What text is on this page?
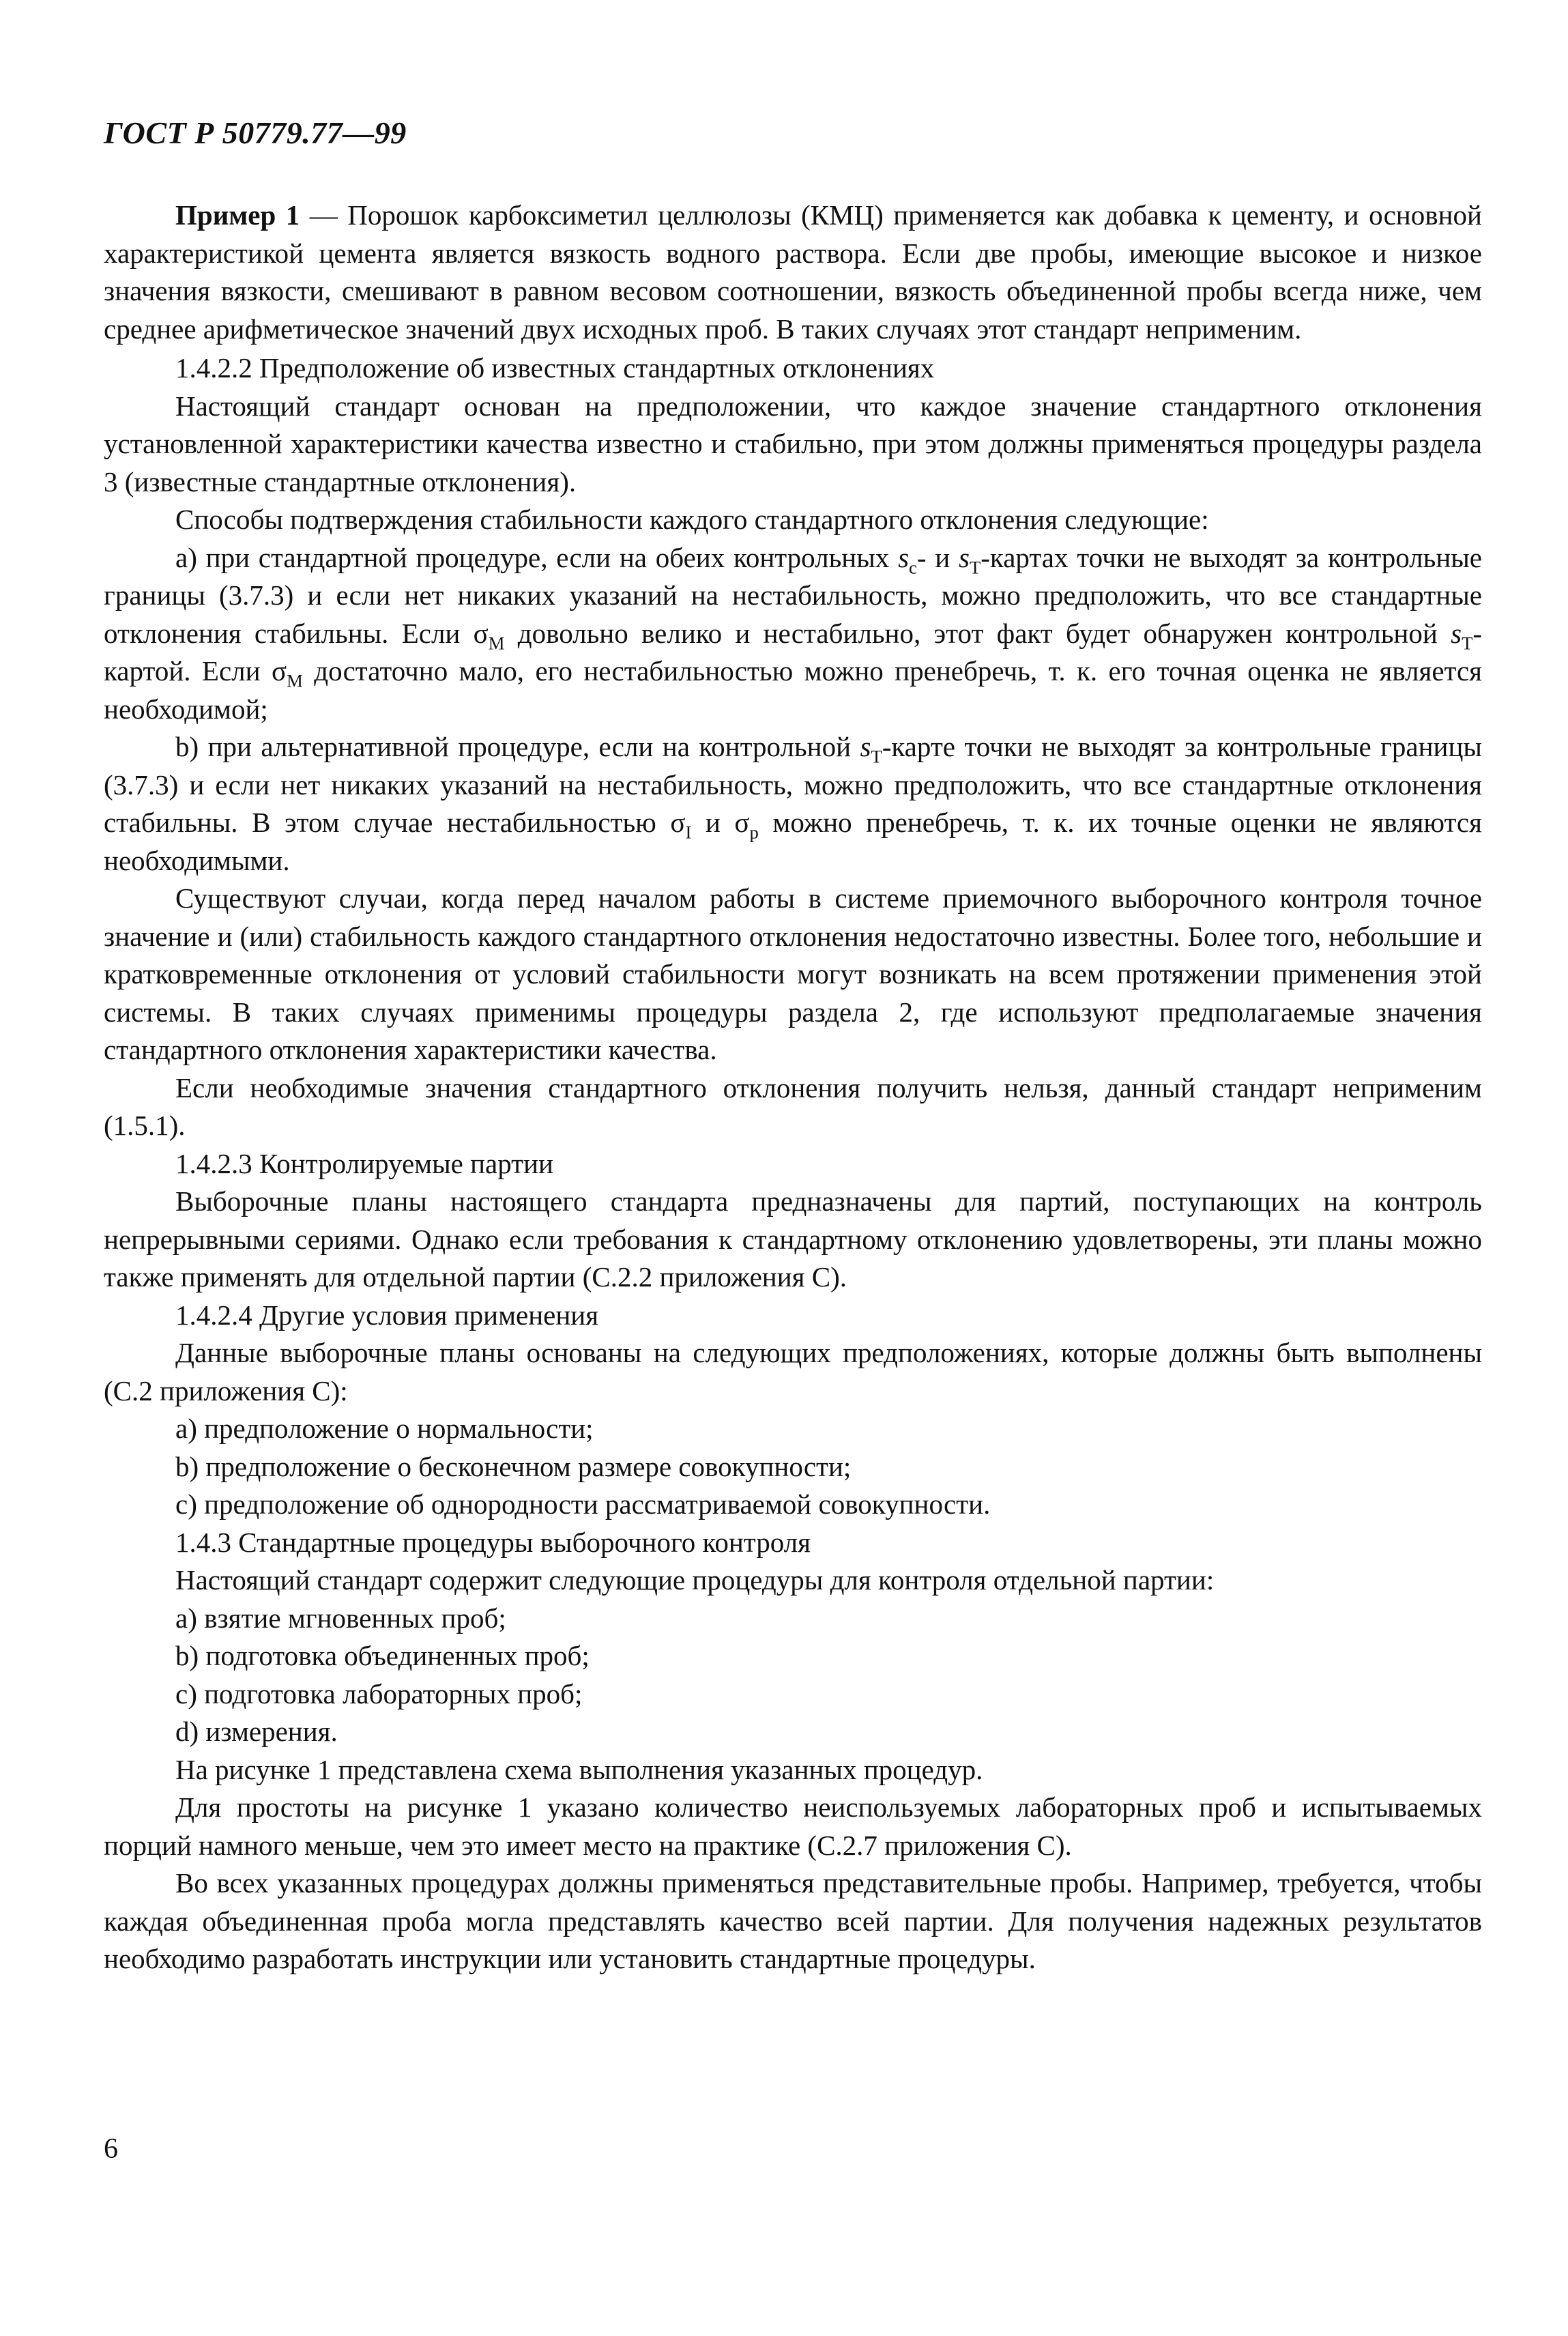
ГОСТ Р 50779.77—99

Пример 1 — Порошок карбоксиметил целлюлозы (КМЦ) применяется как добавка к цементу, и основной характеристикой цемента является вязкость водного раствора. Если две пробы, имеющие высокое и низкое значения вязкости, смешивают в равном весовом соотношении, вязкость объединенной пробы всегда ниже, чем среднее арифметическое значений двух исходных проб. В таких случаях этот стандарт неприменим.

1.4.2.2 Предположение об известных стандартных отклонениях

Настоящий стандарт основан на предположении, что каждое значение стандартного отклонения установленной характеристики качества известно и стабильно, при этом должны применяться процедуры раздела 3 (известные стандартные отклонения).

Способы подтверждения стабильности каждого стандартного отклонения следующие:

а) при стандартной процедуре, если на обеих контрольных $s_c-$ и $s_T$-картах точки не выходят за контрольные границы (3.7.3) и если нет никаких указаний на нестабильность, можно предположить, что все стандартные отклонения стабильны. Если $\sigma_M$ довольно велико и нестабильно, этот факт будет обнаружен контрольной $s_T$-картой. Если $\sigma_M$ достаточно мало, его нестабильностью можно пренебречь, т. к. его точная оценка не является необходимой;

b) при альтернативной процедуре, если на контрольной $s_T$-карте точки не выходят за контрольные границы (3.7.3) и если нет никаких указаний на нестабильность, можно предположить, что все стандартные отклонения стабильны. В этом случае нестабильностью $\sigma_I$ и $\sigma_p$ можно пренебречь, т. к. их точные оценки не являются необходимыми.

Существуют случаи, когда перед началом работы в системе приемочного выборочного контроля точное значение и (или) стабильность каждого стандартного отклонения недостаточно известны. Более того, небольшие и кратковременные отклонения от условий стабильности могут возникать на всем протяжении применения этой системы. В таких случаях применимы процедуры раздела 2, где используют предполагаемые значения стандартного отклонения характеристики качества.

Если необходимые значения стандартного отклонения получить нельзя, данный стандарт неприменим (1.5.1).

1.4.2.3 Контролируемые партии

Выборочные планы настоящего стандарта предназначены для партий, поступающих на контроль непрерывными сериями. Однако если требования к стандартному отклонению удовлетворены, эти планы можно также применять для отдельной партии (С.2.2 приложения С).

1.4.2.4 Другие условия применения

Данные выборочные планы основаны на следующих предположениях, которые должны быть выполнены (С.2 приложения С):

а) предположение о нормальности;

b) предположение о бесконечном размере совокупности;

с) предположение об однородности рассматриваемой совокупности.

1.4.3 Стандартные процедуры выборочного контроля

Настоящий стандарт содержит следующие процедуры для контроля отдельной партии:

а) взятие мгновенных проб;

b) подготовка объединенных проб;

с) подготовка лабораторных проб;

d) измерения.

На рисунке 1 представлена схема выполнения указанных процедур.

Для простоты на рисунке 1 указано количество неиспользуемых лабораторных проб и испытываемых порций намного меньше, чем это имеет место на практике (С.2.7 приложения С).

Во всех указанных процедурах должны применяться представительные пробы. Например, требуется, чтобы каждая объединенная проба могла представлять качество всей партии. Для получения надежных результатов необходимо разработать инструкции или установить стандартные процедуры.

6
